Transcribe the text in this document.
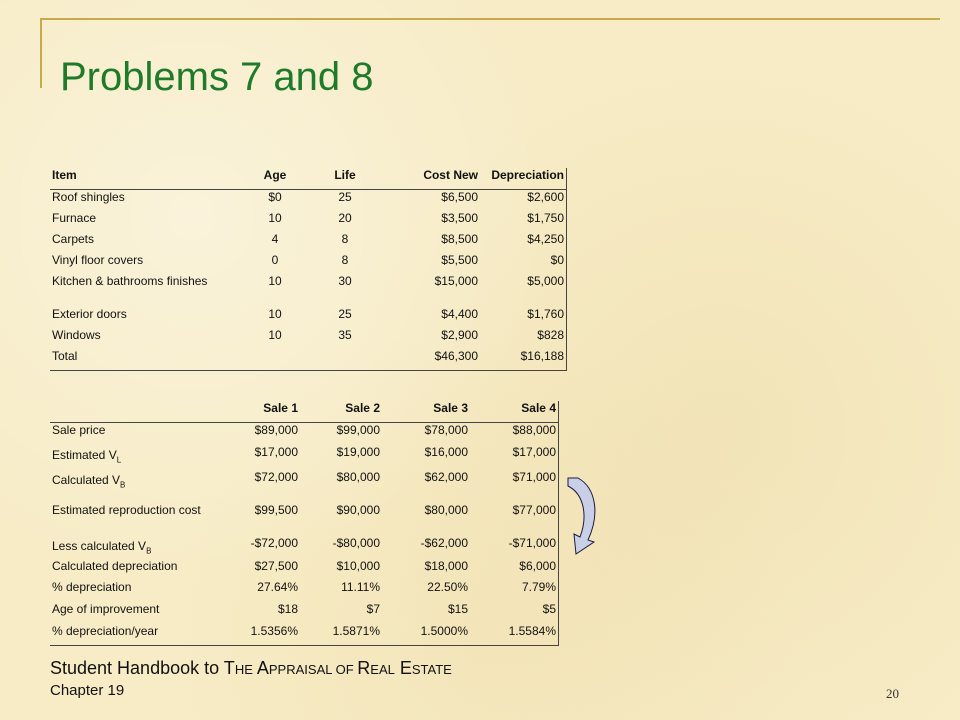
Problems 7 and 8
Item	Age	Life	Cost New	Depreciation
Roof shingles	$0	25	$6,500	$2,600
Furnace	10	20	$3,500	$1,750
Carpets	4	8	$8,500	$4,250
Vinyl floor covers	0	8	$5,500	$0
Kitchen & bathrooms finishes	10	30	$15,000	$5,000
Exterior doors	10	25	$4,400	$1,760
Windows	10	35	$2,900	$828
Total			$46,300	$16,188
	Sale 1	Sale 2	Sale 3	Sale 4
Sale price	$89,000	$99,000	$78,000	$88,000
Estimated $V_L$	$17,000	$19,000	$16,000	$17,000
Calculated $V_B$	$72,000	$80,000	$62,000	$71,000
Estimated reproduction cost	$99,500	$90,000	$80,000	$77,000
Less calculated $V_B$	-$72,000	-$80,000	-$62,000	-$71,000
Calculated depreciation	$27,500	$10,000	$18,000	$6,000
% depreciation	27.64%	11.11%	22.50%	7.79%
Age of improvement	$18	$7	$15	$5
% depreciation/year	1.5356%	1.5871%	1.5000%	1.5584%
Student Handbook to THE APPRAISAL OF REAL ESTATE
Chapter 19	20
